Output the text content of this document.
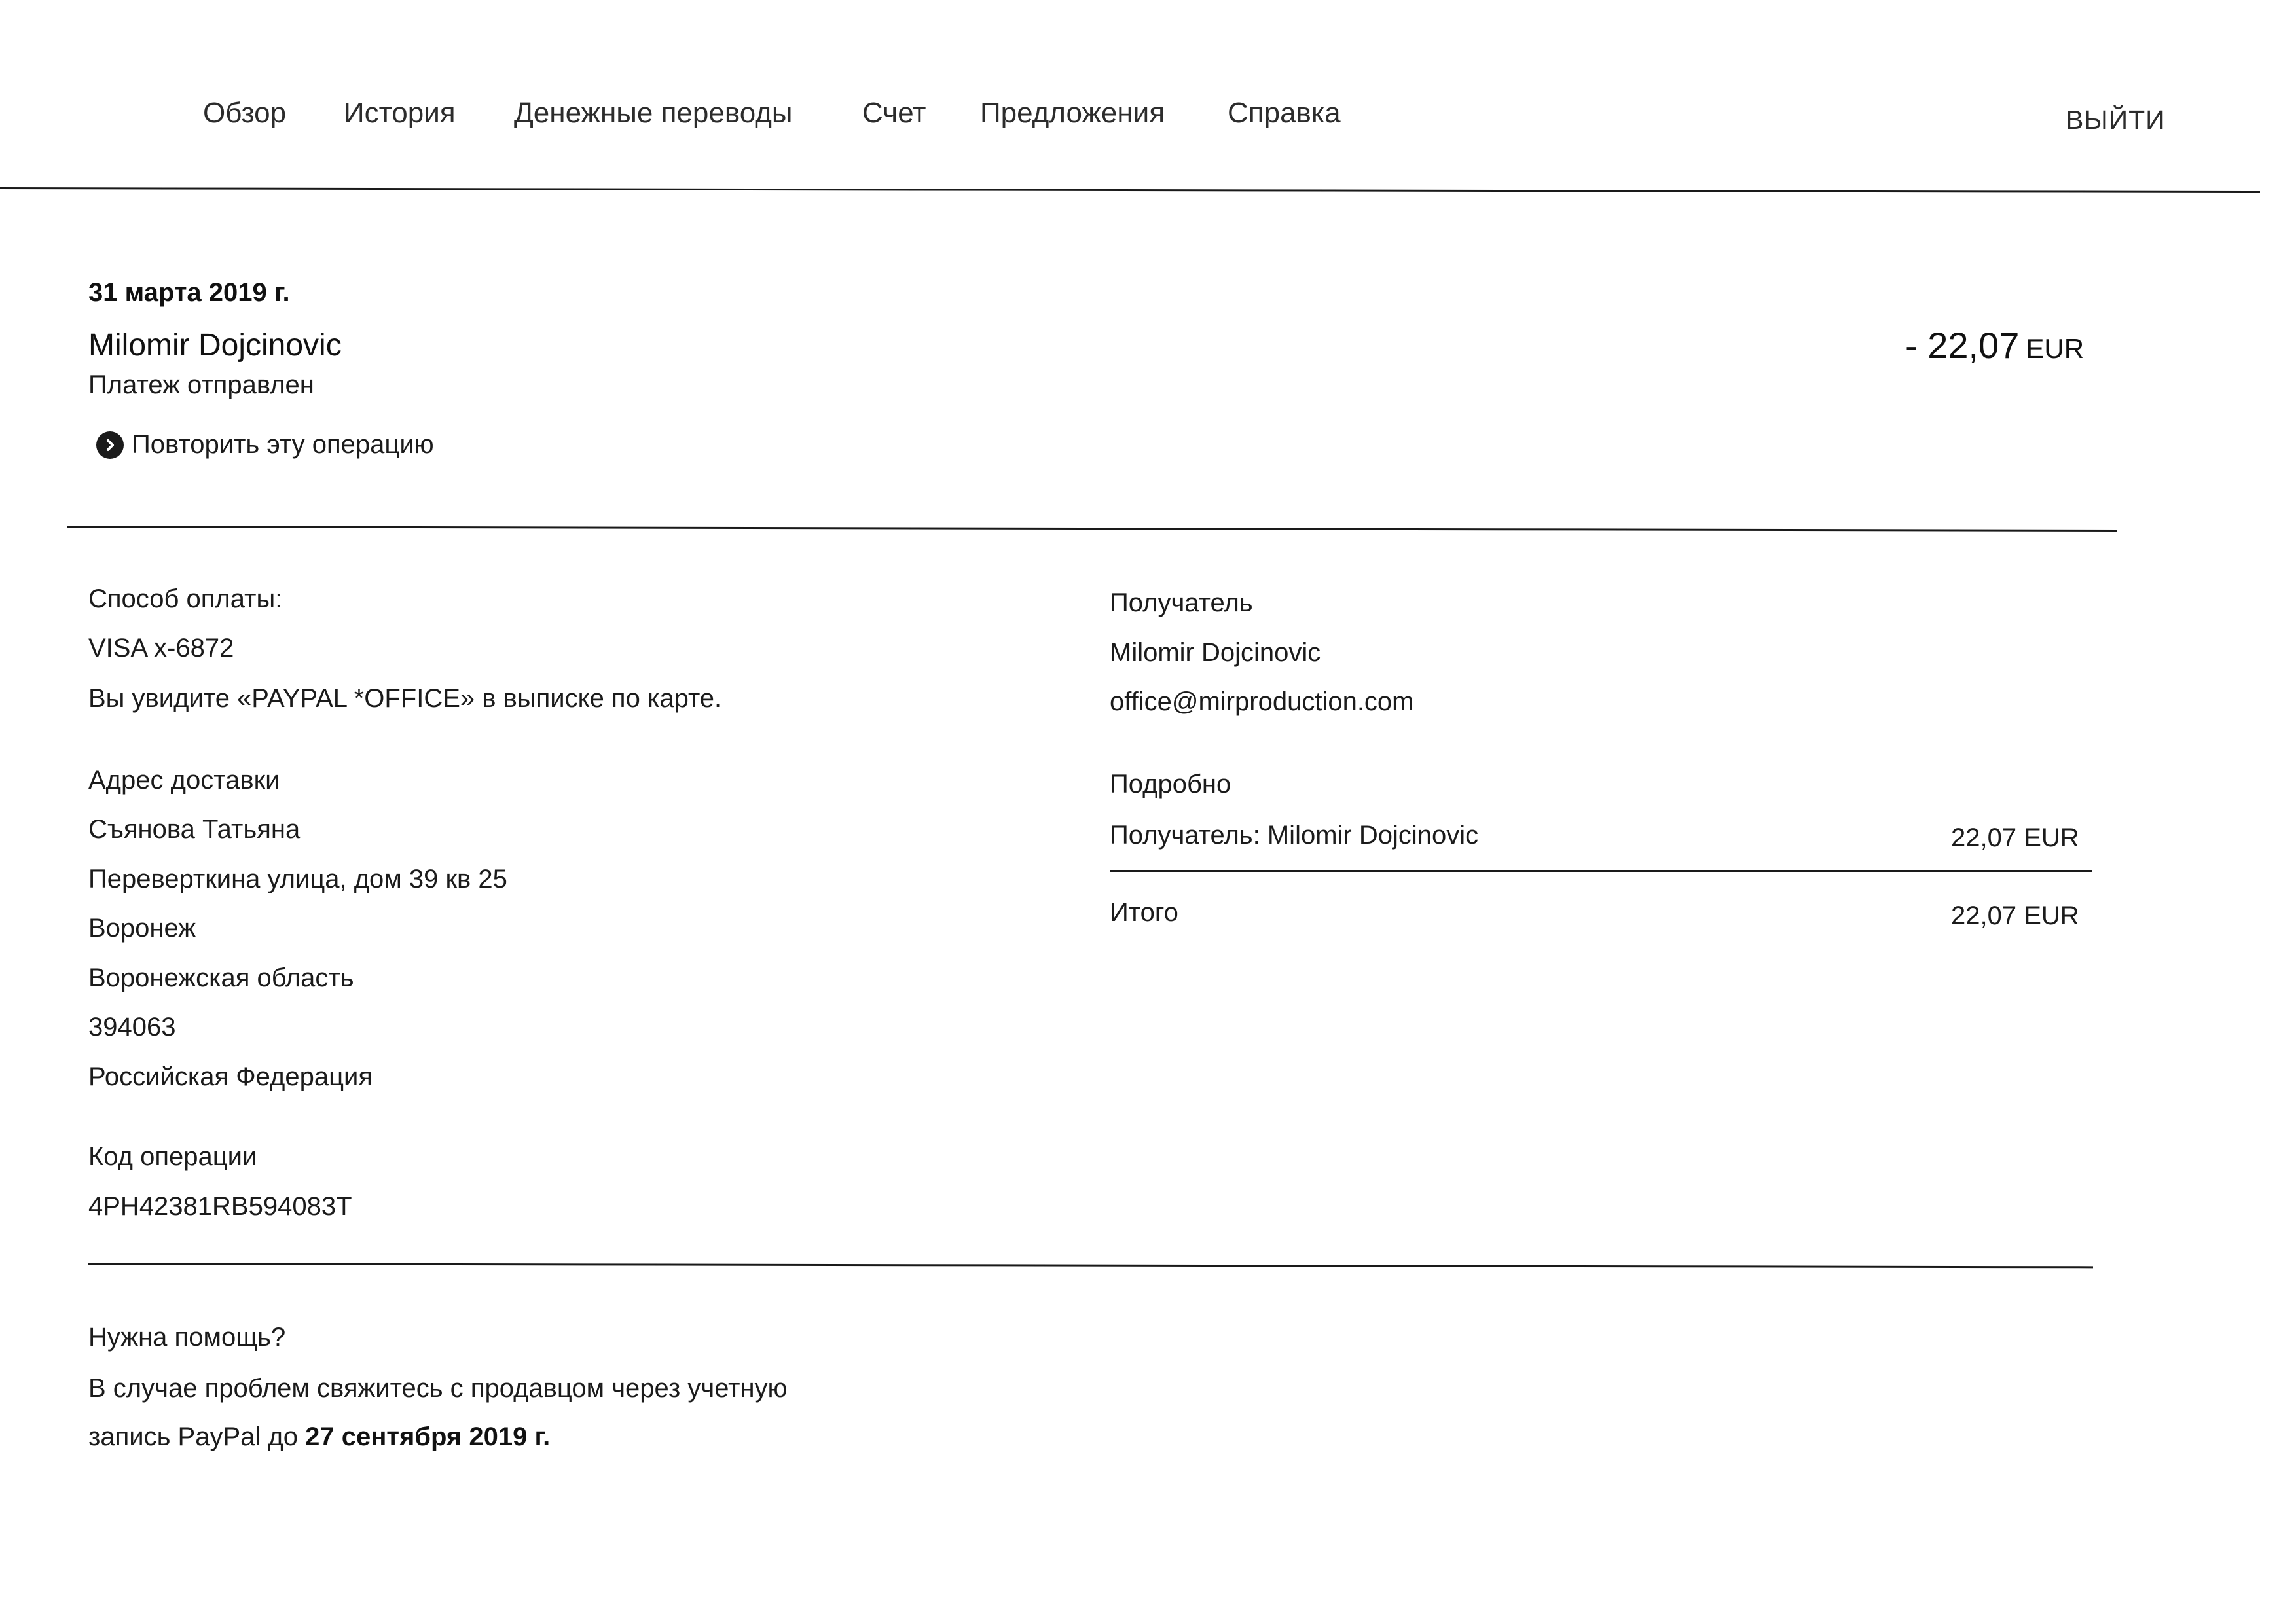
Обзор История Денежные переводы Счет Предложения Справка	ВЫЙТИ
31 марта 2019 г.
Milomir Dojcinovic
Платеж отправлен
Повторить эту операцию
- 22,07 EUR
Способ оплаты:
VISA x-6872
Вы увидите «PAYPAL *OFFICE» в выписке по карте.
Адрес доставки
Съянова Татьяна
Переверткина улица, дом 39 кв 25
Воронеж
Воронежская область
394063
Российская Федерация
Код операции
4PH42381RB594083T
Получатель
Milomir Dojcinovic
office@mirproduction.com
Подробно
Получатель: Milomir Dojcinovic	22,07 EUR
Итого	22,07 EUR
Нужна помощь?
В случае проблем свяжитесь с продавцом через учетную
запись PayPal до 27 сентября 2019 г.
